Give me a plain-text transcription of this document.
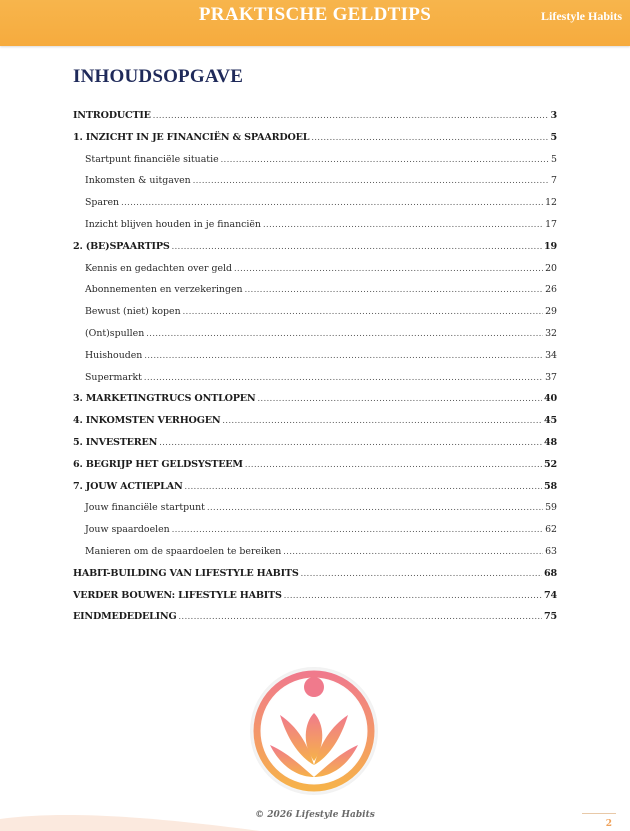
PRAKTISCHE GELDTIPS	Lifestyle Habits
INHOUDSOPGAVE
INTRODUCTIE .....	3
1. INZICHT IN JE FINANCIËN & SPAARDOEL .....	5
Startpunt financiële situatie .....	5
Inkomsten & uitgaven .....	7
Sparen .....	12
Inzicht blijven houden in je financiën .....	17
2. (BE)SPAARTIPS .....	19
Kennis en gedachten over geld .....	20
Abonnementen en verzekeringen .....	26
Bewust (niet) kopen .....	29
(Ont)spullen .....	32
Huishouden .....	34
Supermarkt .....	37
3. MARKETINGTRUCS ONTLOPEN .....	40
4. INKOMSTEN VERHOGEN .....	45
5. INVESTEREN .....	48
6. BEGRIJP HET GELDSYSTEEM .....	52
7. JOUW ACTIEPLAN .....	58
Jouw financiële startpunt .....	59
Jouw spaardoelen .....	62
Manieren om de spaardoelen te bereiken .....	63
HABIT-BUILDING VAN LIFESTYLE HABITS .....	68
VERDER BOUWEN: LIFESTYLE HABITS .....	74
EINDMEDEDELING .....	75
© 2026 Lifestyle Habits
2
